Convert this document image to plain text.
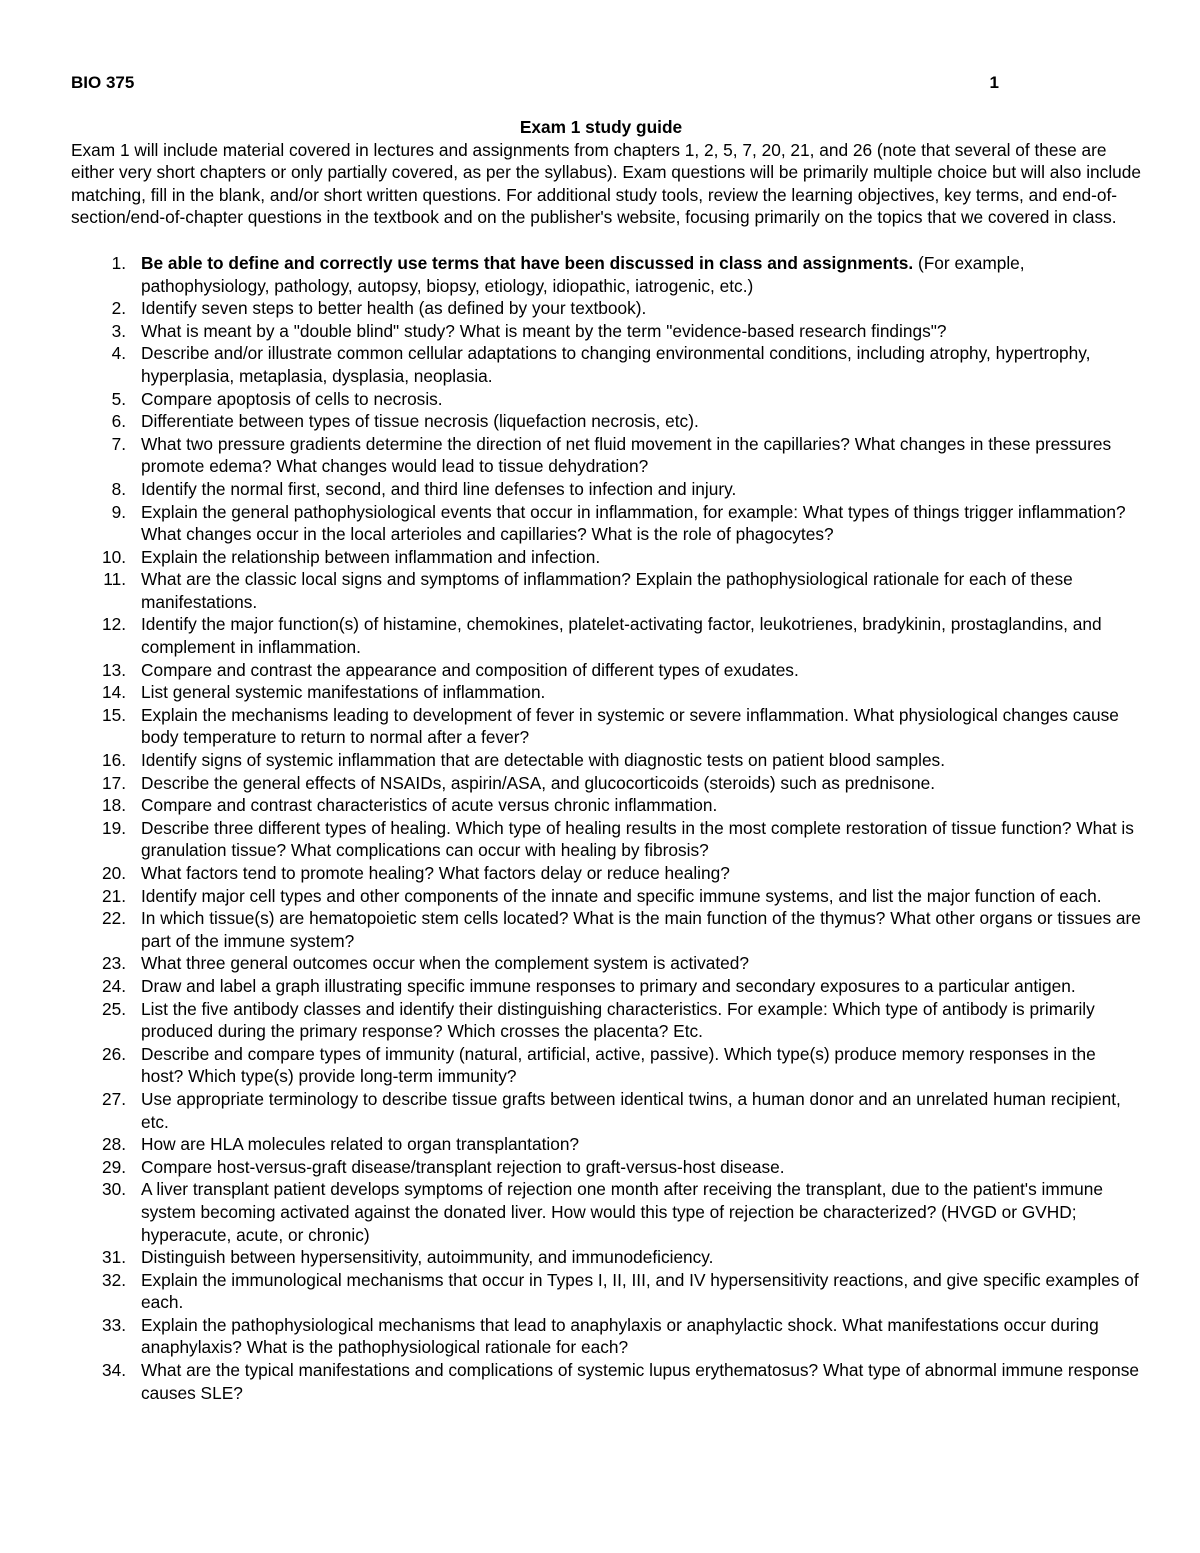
BIO 375	1
Exam 1 study guide

Exam 1 will include material covered in lectures and assignments from chapters 1, 2, 5, 7, 20, 21, and 26 (note that several of these are either very short chapters or only partially covered, as per the syllabus). Exam questions will be primarily multiple choice but will also include matching, fill in the blank, and/or short written questions. For additional study tools, review the learning objectives, key terms, and end-of-section/end-of-chapter questions in the textbook and on the publisher's website, focusing primarily on the topics that we covered in class.

1. Be able to define and correctly use terms that have been discussed in class and assignments. (For example, pathophysiology, pathology, autopsy, biopsy, etiology, idiopathic, iatrogenic, etc.)
2. Identify seven steps to better health (as defined by your textbook).
3. What is meant by a "double blind" study? What is meant by the term "evidence-based research findings"?
4. Describe and/or illustrate common cellular adaptations to changing environmental conditions, including atrophy, hypertrophy, hyperplasia, metaplasia, dysplasia, neoplasia.
5. Compare apoptosis of cells to necrosis.
6. Differentiate between types of tissue necrosis (liquefaction necrosis, etc).
7. What two pressure gradients determine the direction of net fluid movement in the capillaries? What changes in these pressures promote edema? What changes would lead to tissue dehydration?
8. Identify the normal first, second, and third line defenses to infection and injury.
9. Explain the general pathophysiological events that occur in inflammation, for example: What types of things trigger inflammation? What changes occur in the local arterioles and capillaries? What is the role of phagocytes?
10. Explain the relationship between inflammation and infection.
11. What are the classic local signs and symptoms of inflammation? Explain the pathophysiological rationale for each of these manifestations.
12. Identify the major function(s) of histamine, chemokines, platelet-activating factor, leukotrienes, bradykinin, prostaglandins, and complement in inflammation.
13. Compare and contrast the appearance and composition of different types of exudates.
14. List general systemic manifestations of inflammation.
15. Explain the mechanisms leading to development of fever in systemic or severe inflammation. What physiological changes cause body temperature to return to normal after a fever?
16. Identify signs of systemic inflammation that are detectable with diagnostic tests on patient blood samples.
17. Describe the general effects of NSAIDs, aspirin/ASA, and glucocorticoids (steroids) such as prednisone.
18. Compare and contrast characteristics of acute versus chronic inflammation.
19. Describe three different types of healing. Which type of healing results in the most complete restoration of tissue function? What is granulation tissue? What complications can occur with healing by fibrosis?
20. What factors tend to promote healing? What factors delay or reduce healing?
21. Identify major cell types and other components of the innate and specific immune systems, and list the major function of each.
22. In which tissue(s) are hematopoietic stem cells located? What is the main function of the thymus? What other organs or tissues are part of the immune system?
23. What three general outcomes occur when the complement system is activated?
24. Draw and label a graph illustrating specific immune responses to primary and secondary exposures to a particular antigen.
25. List the five antibody classes and identify their distinguishing characteristics. For example: Which type of antibody is primarily produced during the primary response? Which crosses the placenta? Etc.
26. Describe and compare types of immunity (natural, artificial, active, passive). Which type(s) produce memory responses in the host? Which type(s) provide long-term immunity?
27. Use appropriate terminology to describe tissue grafts between identical twins, a human donor and an unrelated human recipient, etc.
28. How are HLA molecules related to organ transplantation?
29. Compare host-versus-graft disease/transplant rejection to graft-versus-host disease.
30. A liver transplant patient develops symptoms of rejection one month after receiving the transplant, due to the patient's immune system becoming activated against the donated liver. How would this type of rejection be characterized? (HVGD or GVHD; hyperacute, acute, or chronic)
31. Distinguish between hypersensitivity, autoimmunity, and immunodeficiency.
32. Explain the immunological mechanisms that occur in Types I, II, III, and IV hypersensitivity reactions, and give specific examples of each.
33. Explain the pathophysiological mechanisms that lead to anaphylaxis or anaphylactic shock. What manifestations occur during anaphylaxis? What is the pathophysiological rationale for each?
34. What are the typical manifestations and complications of systemic lupus erythematosus? What type of abnormal immune response causes SLE?
